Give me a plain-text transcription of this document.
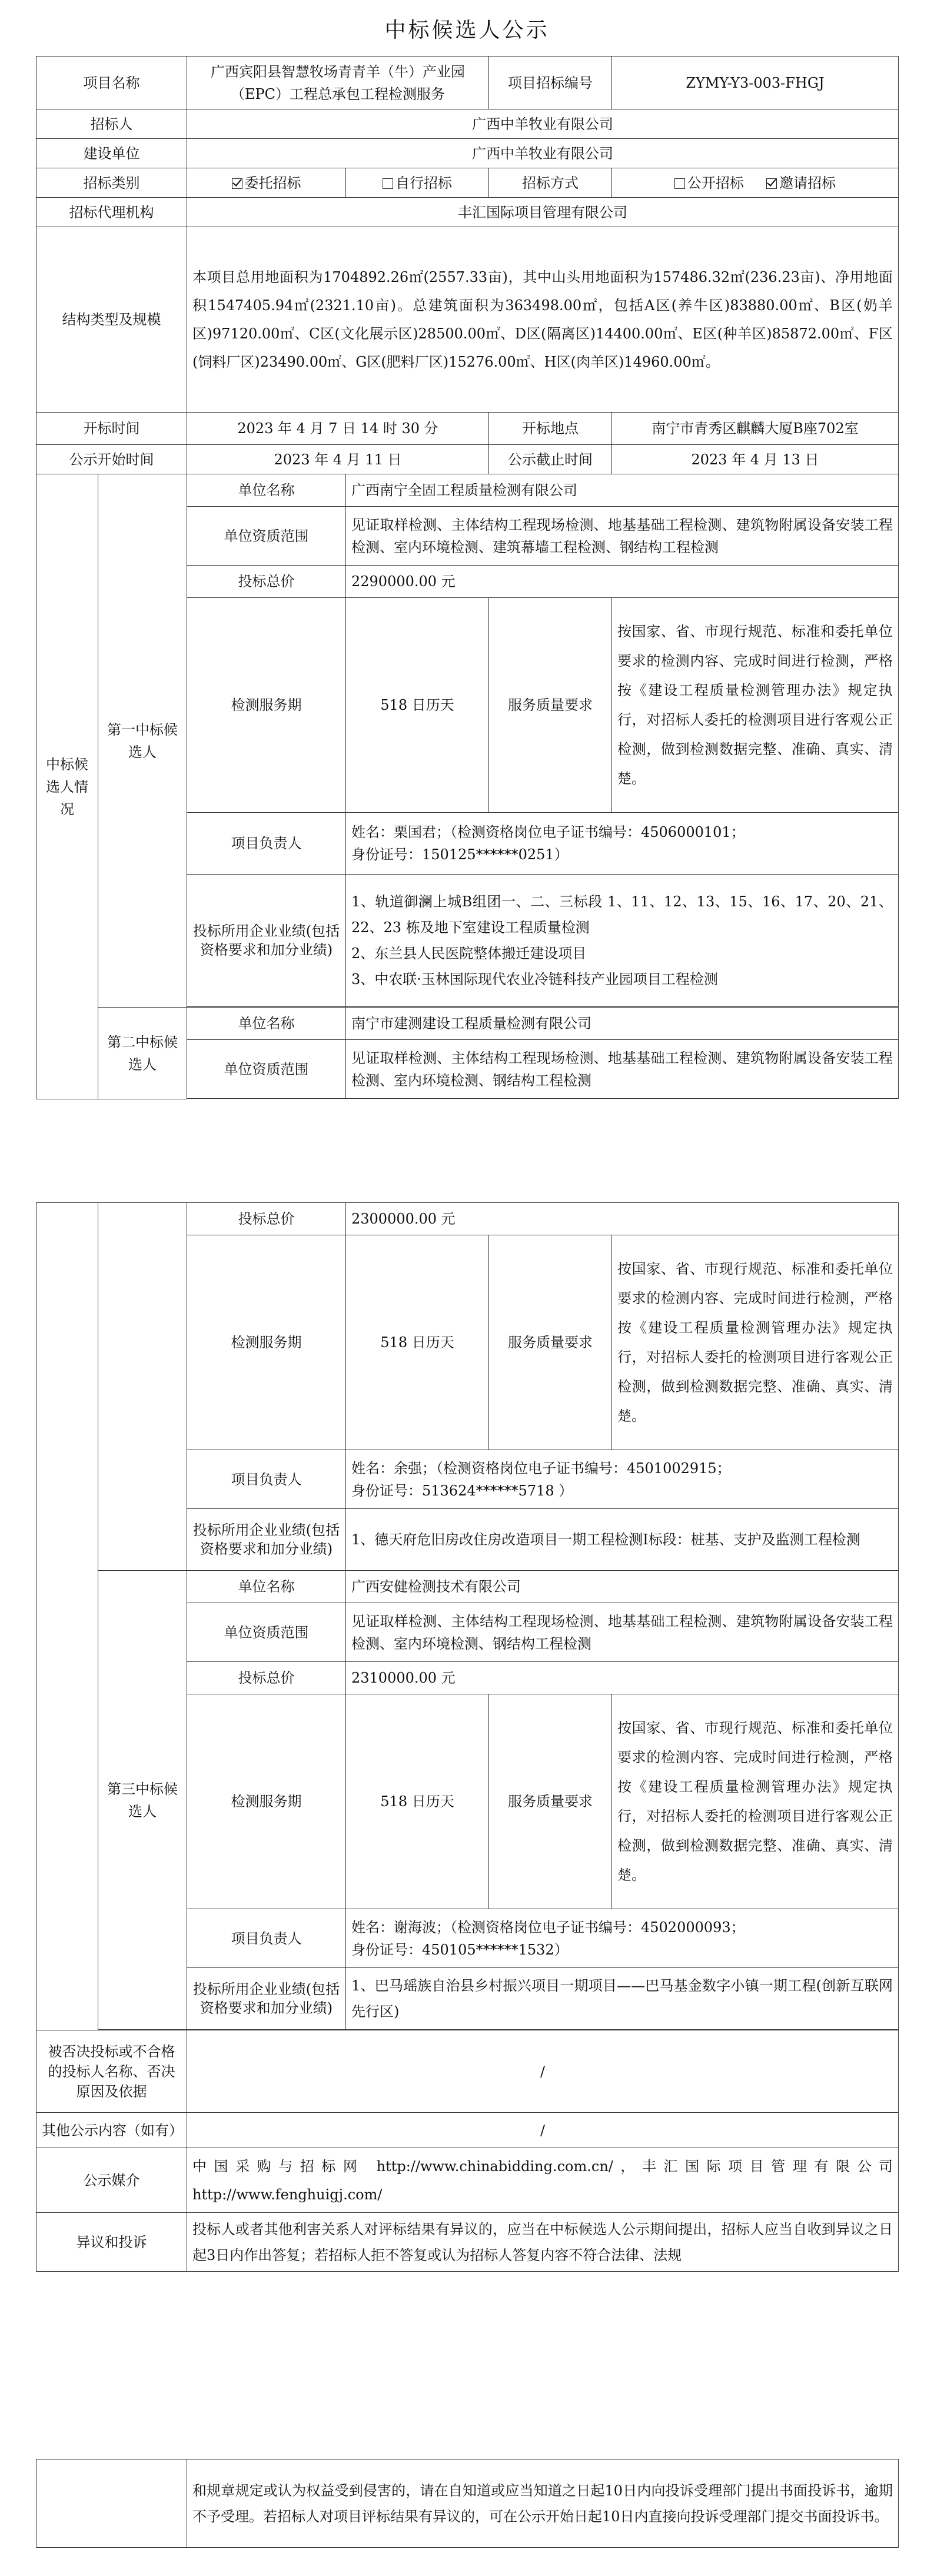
中标候选人公示
项目名称		广西宾阳县智慧牧场青青羊（牛）产业园（EPC）工程总承包工程检测服务		项目招标编号	ZYMY-Y3-003-FHGJ
招标人		广西中羊牧业有限公司			
建设单位		广西中羊牧业有限公司			
招标类别		委托招标	自行招标	招标方式	公开招标 邀请招标
招标代理机构		丰汇国际项目管理有限公司			
结构类型及规模		本项目总用地面积为1704892.26㎡(2557.33亩)，其中山头用地面积为157486.32㎡(236.23亩)、净用地面积1547405.94㎡(2321.10亩)。总建筑面积为363498.00㎡，包括A区(养牛区)83880.00㎡、B区(奶羊区)97120.00㎡、C区(文化展示区)28500.00㎡、D区(隔离区)14400.00㎡、E区(种羊区)85872.00㎡、F区(饲料厂区)23490.00㎡、G区(肥料厂区)15276.00㎡、H区(肉羊区)14960.00㎡。			
开标时间		2023 年 4 月 7 日 14 时 30 分		开标地点	南宁市青秀区麒麟大厦B座702室
公示开始时间		2023 年 4 月 11 日		公示截止时间	2023 年 4 月 13 日
中标候选人情况	第一中标候选人	单位名称	广西南宁全固工程质量检测有限公司		
		单位资质范围	见证取样检测、主体结构工程现场检测、地基基础工程检测、建筑物附属设备安装工程检测、室内环境检测、建筑幕墙工程检测、钢结构工程检测		
		投标总价	2290000.00 元		
		检测服务期	518 日历天	服务质量要求	按国家、省、市现行规范、标准和委托单位要求的检测内容、完成时间进行检测，严格按《建设工程质量检测管理办法》规定执行，对招标人委托的检测项目进行客观公正检测，做到检测数据完整、准确、真实、清楚。
		项目负责人	姓名：栗国君；（检测资格岗位电子证书编号：4506000101；
身份证号：150125******0251）		

		投标所用企业业绩(包括资格要求和加分业绩)	1、轨道御澜上城B组团一、二、三标段 1、11、12、13、15、16、17、20、21、22、23 栋及地下室建设工程质量检测
2、东兰县人民医院整体搬迁建设项目
3、中农联·玉林国际现代农业冷链科技产业园项目工程检测		

	第二中标候选人	单位名称	南宁市建测建设工程质量检测有限公司		
		单位资质范围	见证取样检测、主体结构工程现场检测、地基基础工程检测、建筑物附属设备安装工程检测、室内环境检测、钢结构工程检测		

		投标总价	2300000.00 元		
		检测服务期	518 日历天	服务质量要求	按国家、省、市现行规范、标准和委托单位要求的检测内容、完成时间进行检测，严格按《建设工程质量检测管理办法》规定执行，对招标人委托的检测项目进行客观公正检测，做到检测数据完整、准确、真实、清楚。
		项目负责人	姓名：余强；（检测资格岗位电子证书编号：4501002915；
身份证号：513624******5718 ）		

		投标所用企业业绩(包括资格要求和加分业绩)	1、德天府危旧房改住房改造项目一期工程检测Ⅰ标段：桩基、支护及监测工程检测		

	第三中标候选人	单位名称	广西安健检测技术有限公司		
		单位资质范围	见证取样检测、主体结构工程现场检测、地基基础工程检测、建筑物附属设备安装工程检测、室内环境检测、钢结构工程检测		
		投标总价	2310000.00 元		
		检测服务期	518 日历天	服务质量要求	按国家、省、市现行规范、标准和委托单位要求的检测内容、完成时间进行检测，严格按《建设工程质量检测管理办法》规定执行，对招标人委托的检测项目进行客观公正检测，做到检测数据完整、准确、真实、清楚。
		项目负责人	姓名：谢海波；（检测资格岗位电子证书编号：4502000093；
身份证号：450105******1532）		

		投标所用企业业绩(包括资格要求和加分业绩)	1、巴马瑶族自治县乡村振兴项目一期项目——巴马基金数字小镇一期工程(创新互联网先行区)		

被否决投标或不合格的投标人名称、否决原因及依据		/			
其他公示内容（如有）		/			
公示媒介		中国采购与招标网 http://www.chinabidding.com.cn/，丰汇国际项目管理有限公司 http://www.fenghuigj.com/			
异议和投诉		投标人或者其他利害关系人对评标结果有异议的，应当在中标候选人公示期间提出，招标人应当自收到异议之日起3日内作出答复；若招标人拒不答复或认为招标人答复内容不符合法律、法规			
	和规章规定或认为权益受到侵害的，请在自知道或应当知道之日起10日内向投诉受理部门提出书面投诉书，逾期不予受理。若招标人对项目评标结果有异议的，可在公示开始日起10日内直接向投诉受理部门提交书面投诉书。
